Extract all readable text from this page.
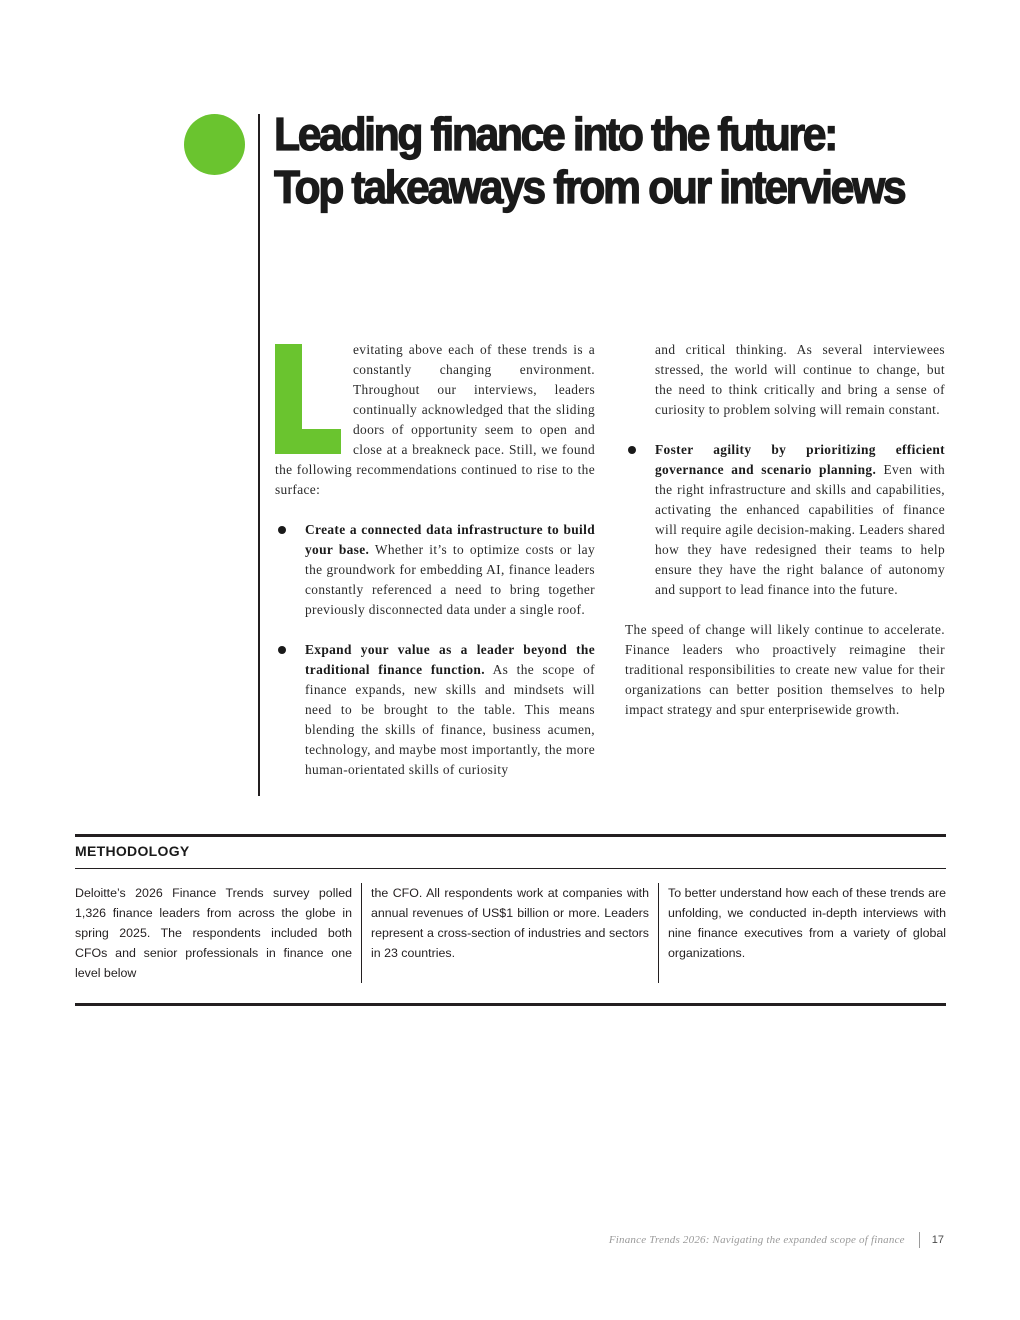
Leading finance into the future: Top takeaways from our interviews

evitating above each of these trends is a constantly changing environment. Throughout our interviews, leaders continually acknowledged that the sliding doors of opportunity seem to open and close at a breakneck pace. Still, we found the following recommendations continued to rise to the surface:

Create a connected data infrastructure to build your base. Whether it’s to optimize costs or lay the groundwork for embedding AI, finance leaders constantly referenced a need to bring together previously disconnected data under a single roof.

Expand your value as a leader beyond the traditional finance function. As the scope of finance expands, new skills and mindsets will need to be brought to the table. This means blending the skills of finance, business acumen, technology, and maybe most importantly, the more human-orientated skills of curiosity

and critical thinking. As several interviewees stressed, the world will continue to change, but the need to think critically and bring a sense of curiosity to problem solving will remain constant.

Foster agility by prioritizing efficient governance and scenario planning. Even with the right infrastructure and skills and capabilities, activating the enhanced capabilities of finance will require agile decision-making. Leaders shared how they have redesigned their teams to help ensure they have the right balance of autonomy and support to lead finance into the future.

The speed of change will likely continue to accelerate. Finance leaders who proactively reimagine their traditional responsibilities to create new value for their organizations can better position themselves to help impact strategy and spur enterprisewide growth.

METHODOLOGY
Deloitte’s 2026 Finance Trends survey polled 1,326 finance leaders from across the globe in spring 2025. The respondents included both CFOs and senior professionals in finance one level below
the CFO. All respondents work at companies with annual revenues of US$1 billion or more. Leaders represent a cross-section of industries and sectors in 23 countries.
To better understand how each of these trends are unfolding, we conducted in-depth interviews with nine finance executives from a variety of global organizations.
Finance Trends 2026: Navigating the expanded scope of finance 17
